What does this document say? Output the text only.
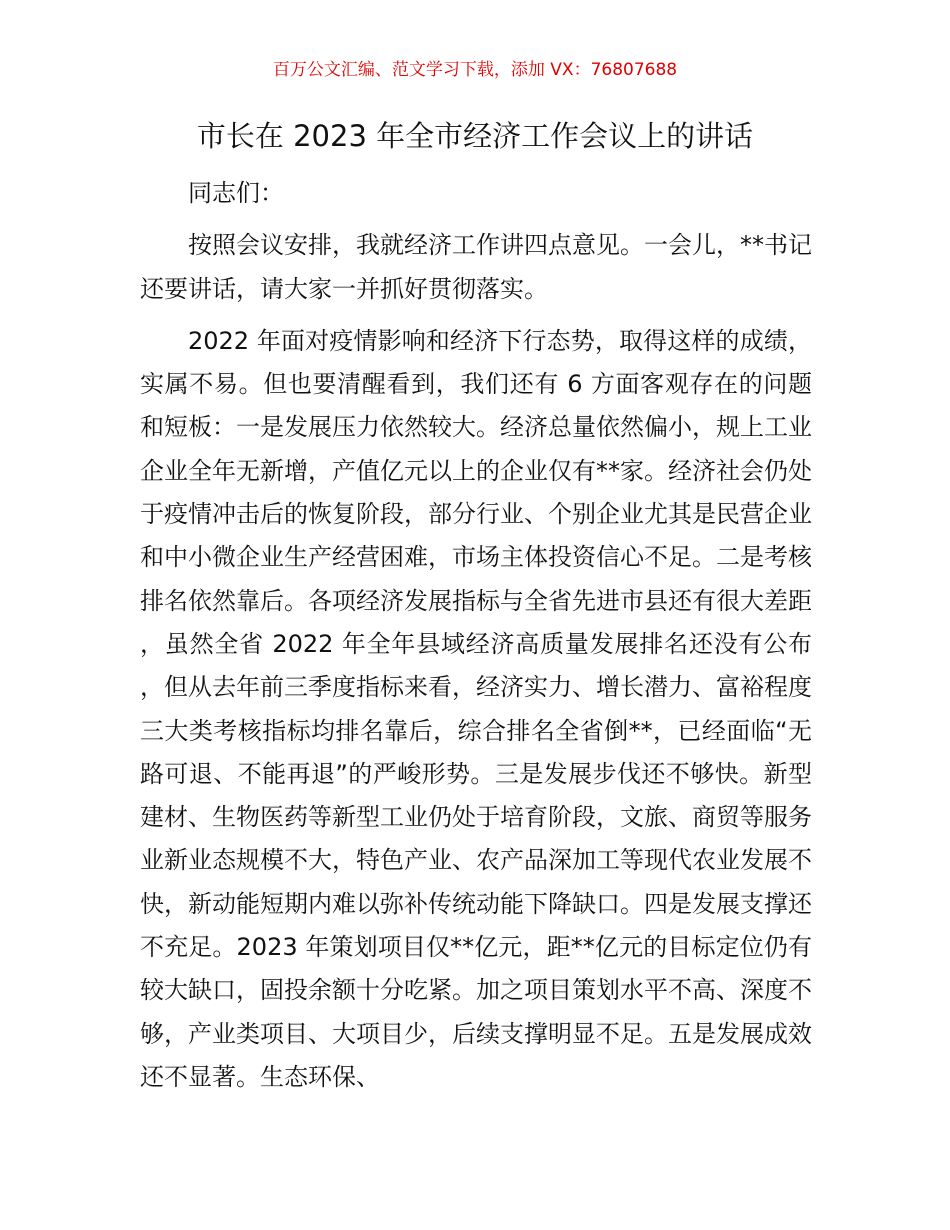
百万公文汇编、范文学习下载，添加 VX：76807688
市长在 2023 年全市经济工作会议上的讲话

同志们：

按照会议安排，我就经济工作讲四点意见。一会儿，**书记还要讲话，请大家一并抓好贯彻落实。

2022 年面对疫情影响和经济下行态势，取得这样的成绩，实属不易。但也要清醒看到，我们还有 6 方面客观存在的问题和短板：一是发展压力依然较大。经济总量依然偏小，规上工业企业全年无新增，产值亿元以上的企业仅有**家。经济社会仍处于疫情冲击后的恢复阶段，部分行业、个别企业尤其是民营企业和中小微企业生产经营困难，市场主体投资信心不足。二是考核排名依然靠后。各项经济发展指标与全省先进市县还有很大差距，虽然全省 2022 年全年县域经济高质量发展排名还没有公布，但从去年前三季度指标来看，经济实力、增长潜力、富裕程度三大类考核指标均排名靠后，综合排名全省倒**，已经面临“无路可退、不能再退”的严峻形势。三是发展步伐还不够快。新型建材、生物医药等新型工业仍处于培育阶段，文旅、商贸等服务业新业态规模不大，特色产业、农产品深加工等现代农业发展不快，新动能短期内难以弥补传统动能下降缺口。四是发展支撑还不充足。2023 年策划项目仅**亿元，距**亿元的目标定位仍有较大缺口，固投余额十分吃紧。加之项目策划水平不高、深度不够，产业类项目、大项目少，后续支撑明显不足。五是发展成效还不显著。生态环保、
